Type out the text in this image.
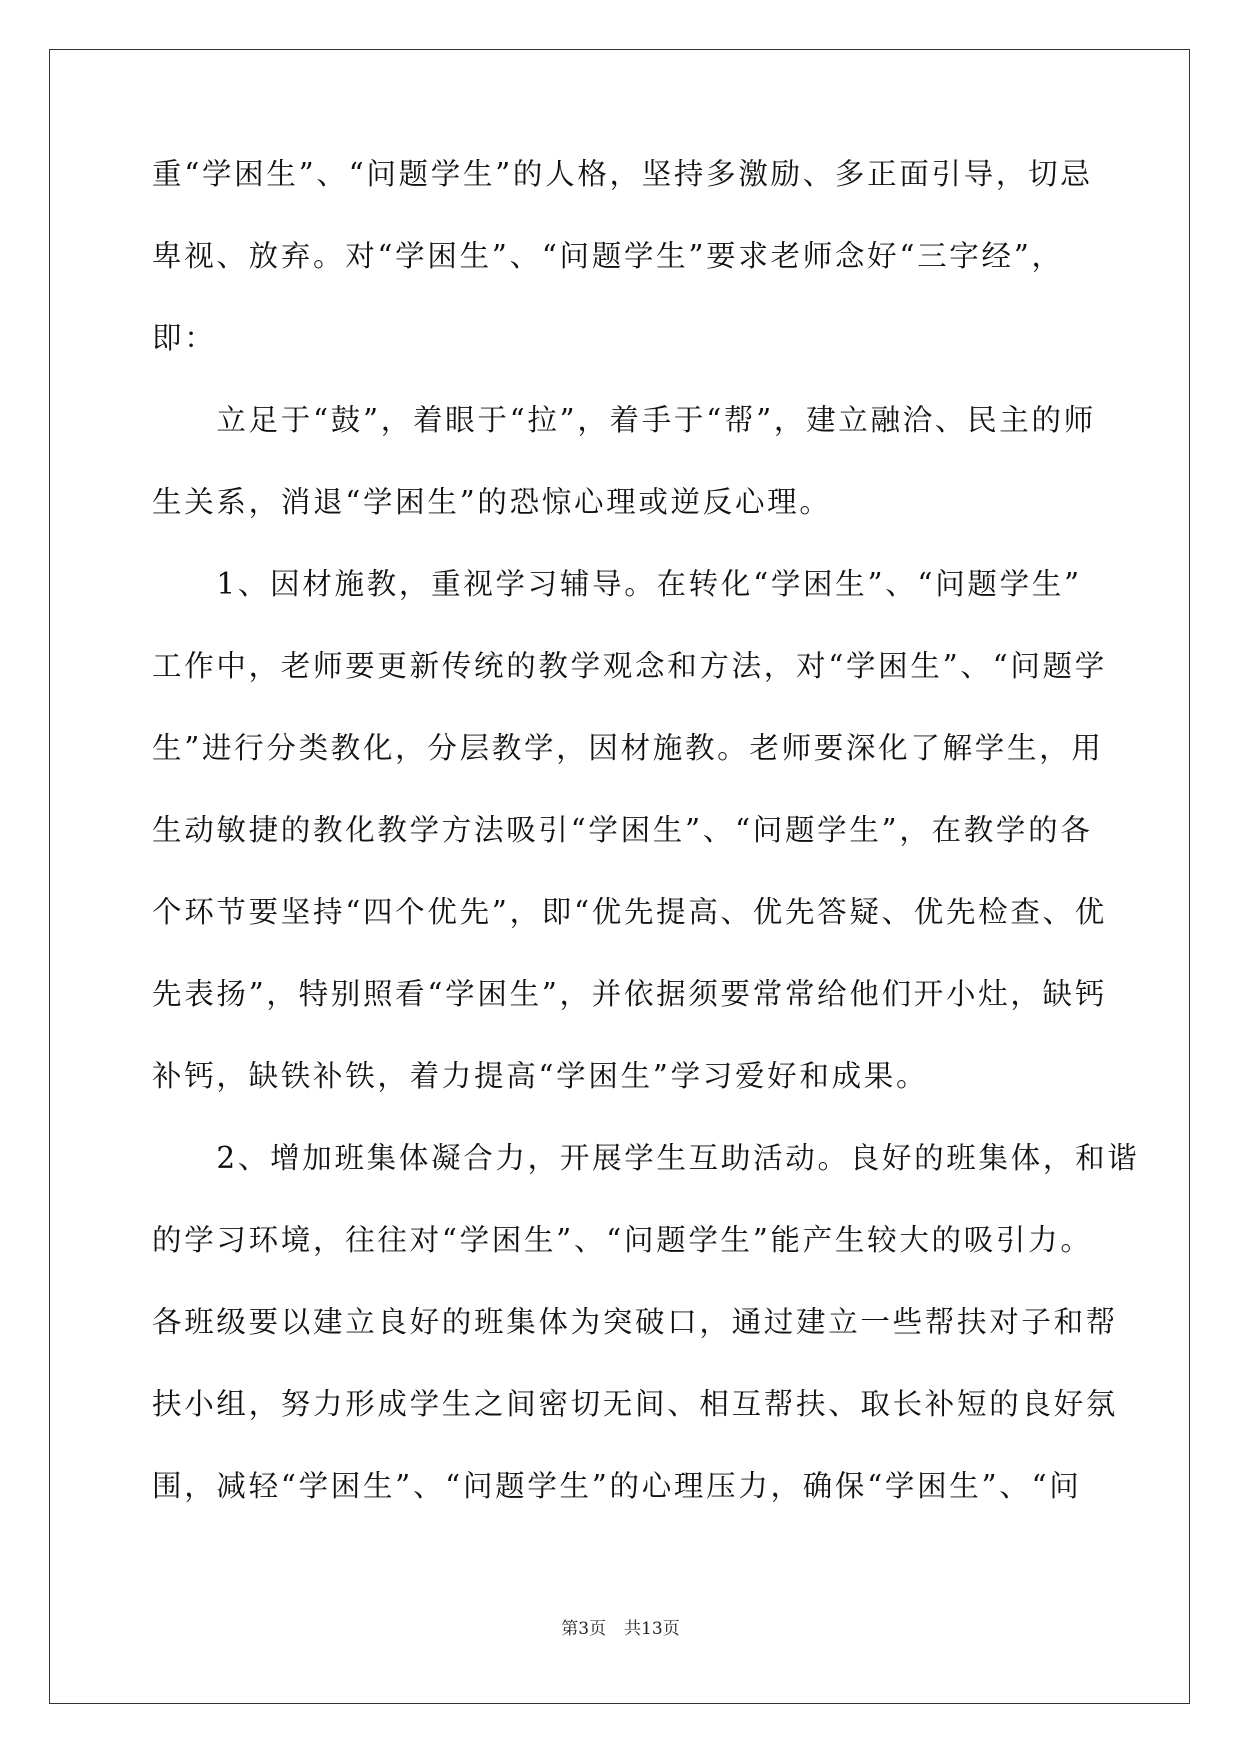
重“学困生”、“问题学生”的人格，坚持多激励、多正面引导，切忌
卑视、放弃。对“学困生”、“问题学生”要求老师念好“三字经”，
即：
　　立足于“鼓”，着眼于“拉”，着手于“帮”，建立融洽、民主的师
生关系，消退“学困生”的恐惊心理或逆反心理。
　　1、因材施教，重视学习辅导。在转化“学困生”、“问题学生”
工作中，老师要更新传统的教学观念和方法，对“学困生”、“问题学
生”进行分类教化，分层教学，因材施教。老师要深化了解学生，用
生动敏捷的教化教学方法吸引“学困生”、“问题学生”，在教学的各
个环节要坚持“四个优先”，即“优先提高、优先答疑、优先检查、优
先表扬”，特别照看“学困生”，并依据须要常常给他们开小灶，缺钙
补钙，缺铁补铁，着力提高“学困生”学习爱好和成果。
　　2、增加班集体凝合力，开展学生互助活动。良好的班集体，和谐
的学习环境，往往对“学困生”、“问题学生”能产生较大的吸引力。
各班级要以建立良好的班集体为突破口，通过建立一些帮扶对子和帮
扶小组，努力形成学生之间密切无间、相互帮扶、取长补短的良好氛
围，减轻“学困生”、“问题学生”的心理压力，确保“学困生”、“问
第3页 共13页
